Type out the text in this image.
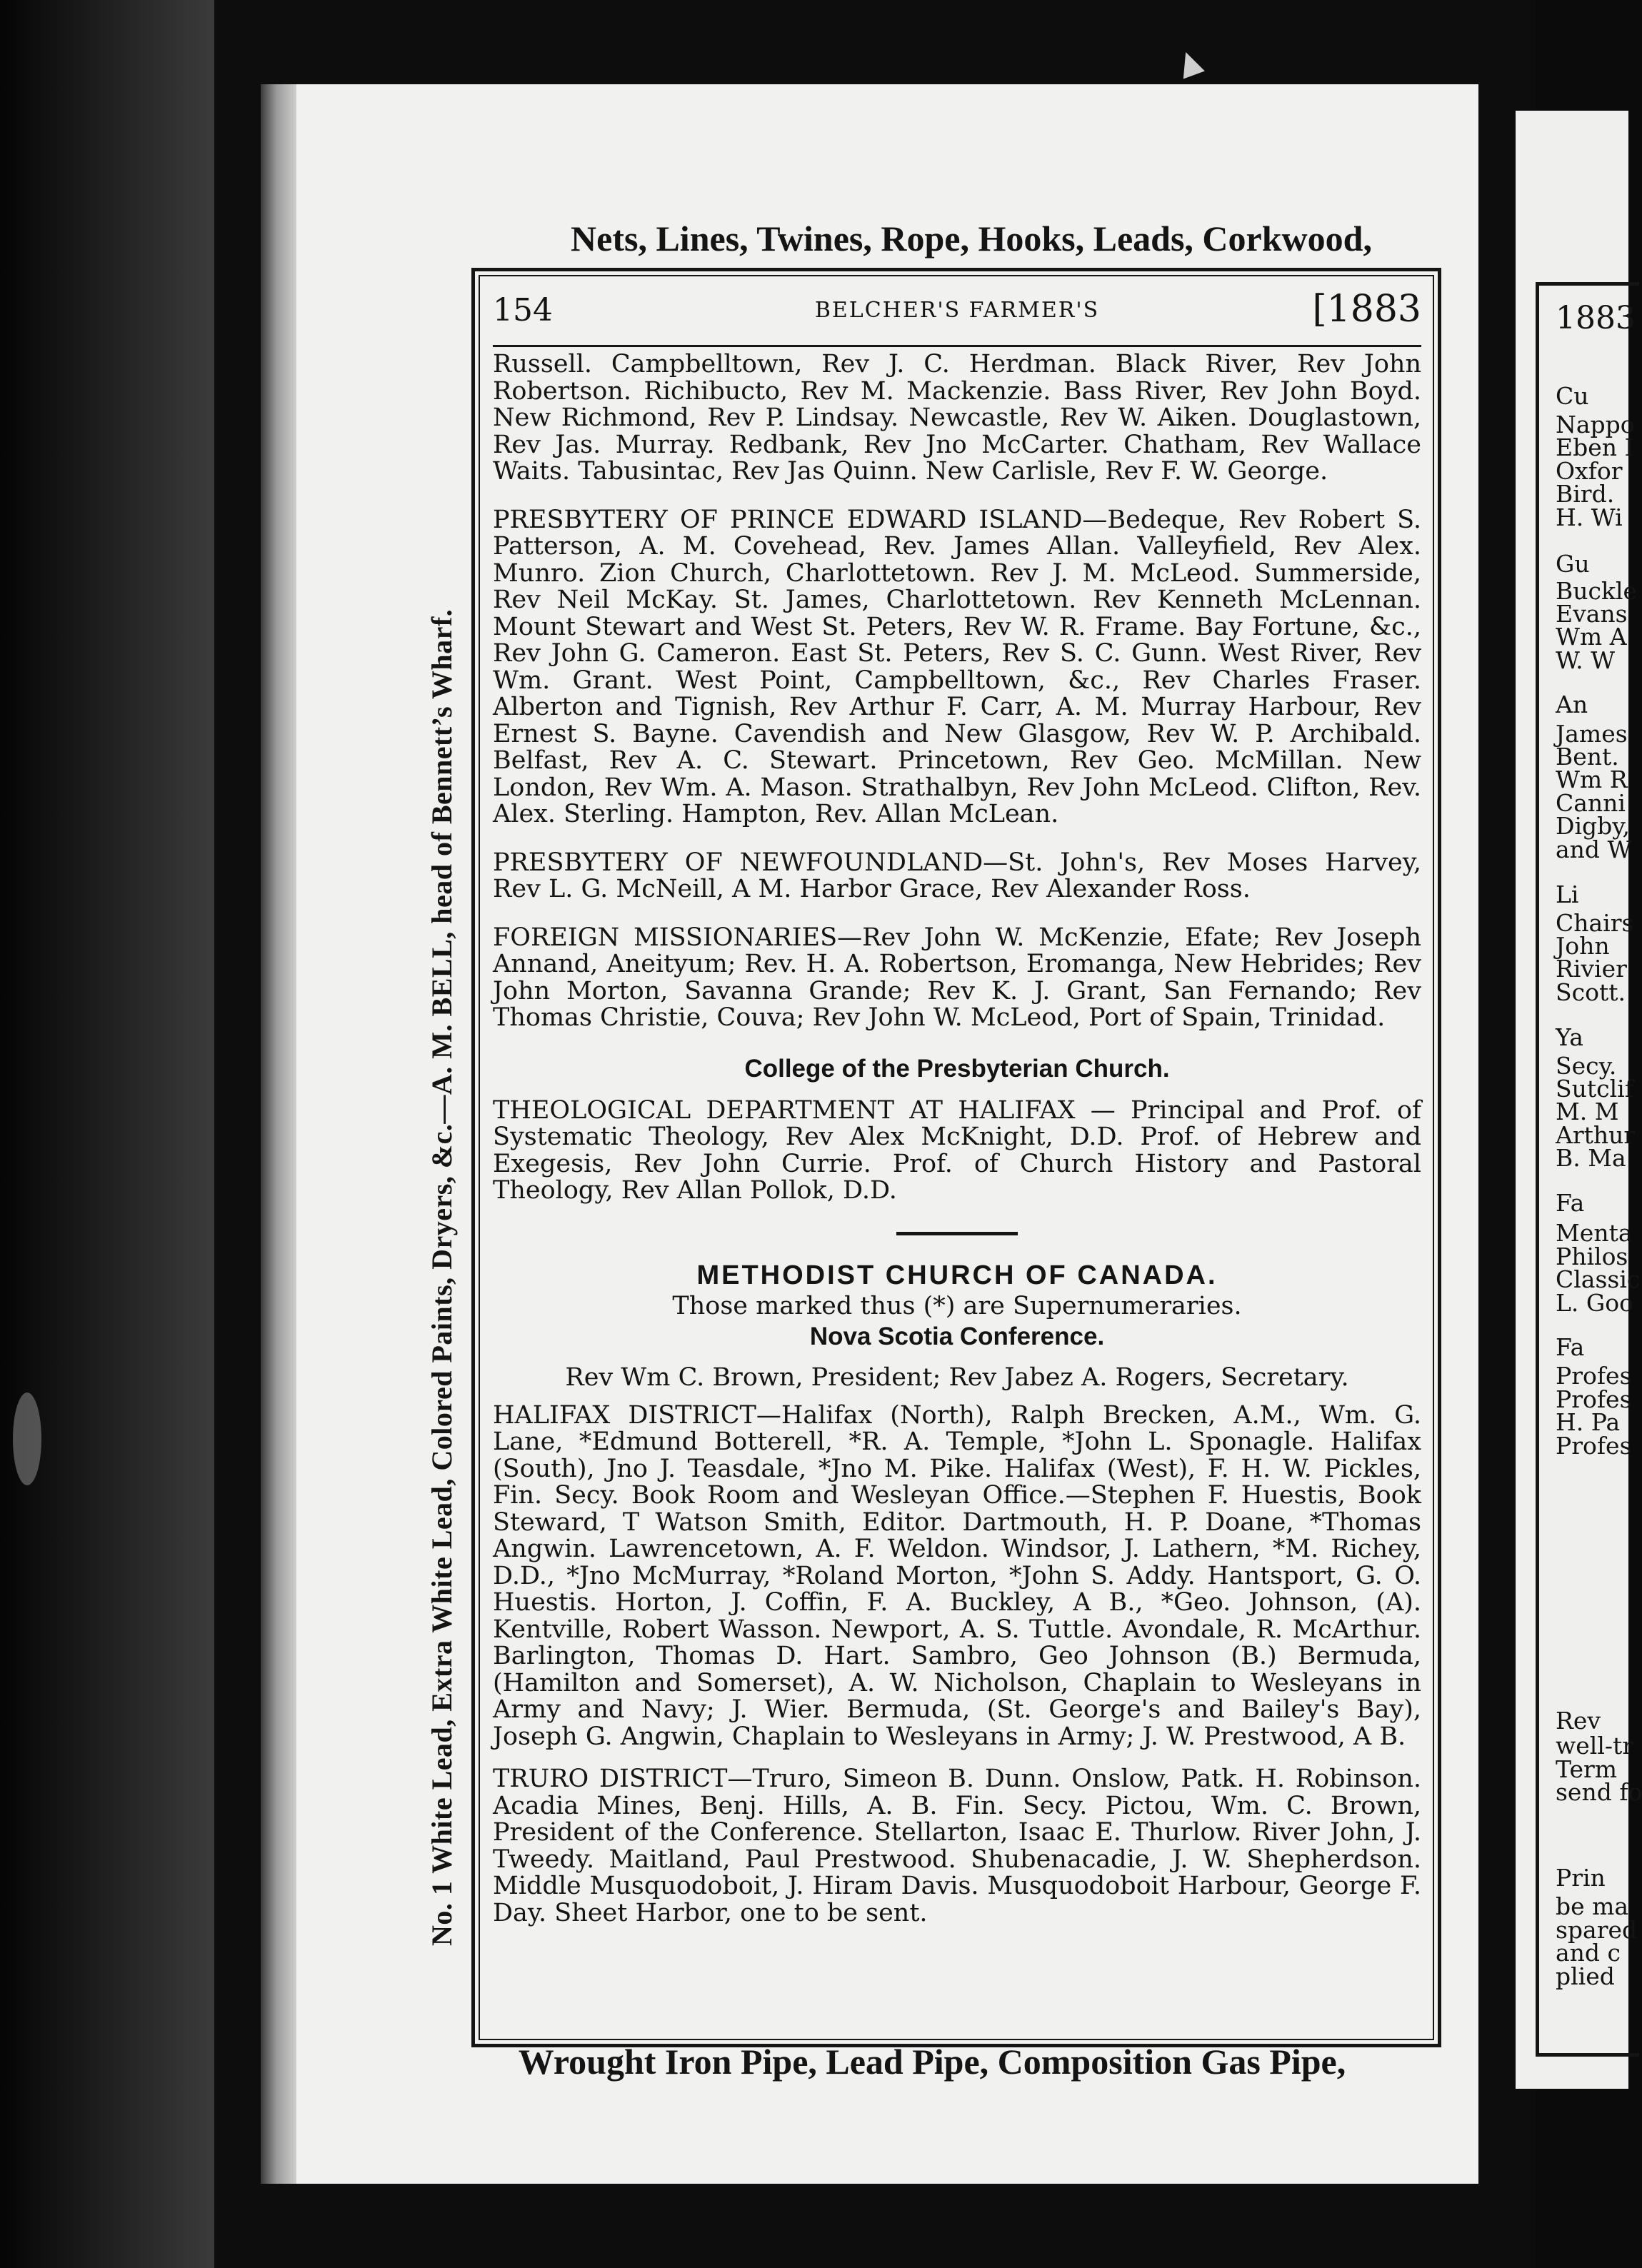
No. 1 White Lead, Extra White Lead, Colored Paints, Dryers, &c.—A. M. BELL, head of Bennett’s Wharf.
Nets, Lines, Twines, Rope, Hooks, Leads, Corkwood,
154	BELCHER'S FARMER'S	[1883

Russell. Campbelltown, Rev J. C. Herdman. Black River, Rev John Robertson. Richibucto, Rev M. Mackenzie. Bass River, Rev John Boyd. New Richmond, Rev P. Lindsay. Newcastle, Rev W. Aiken. Douglastown, Rev Jas. Murray. Redbank, Rev Jno McCarter. Chatham, Rev Wallace Waits. Tabusintac, Rev Jas Quinn. New Carlisle, Rev F. W. George.

PRESBYTERY OF PRINCE EDWARD ISLAND—Bedeque, Rev Robert S. Patterson, A. M. Covehead, Rev. James Allan. Valleyfield, Rev Alex. Munro. Zion Church, Charlottetown. Rev J. M. McLeod. Summerside, Rev Neil McKay. St. James, Charlottetown. Rev Kenneth McLennan. Mount Stewart and West St. Peters, Rev W. R. Frame. Bay Fortune, &c., Rev John G. Cameron. East St. Peters, Rev S. C. Gunn. West River, Rev Wm. Grant. West Point, Campbelltown, &c., Rev Charles Fraser. Alberton and Tignish, Rev Arthur F. Carr, A. M. Murray Harbour, Rev Ernest S. Bayne. Cavendish and New Glasgow, Rev W. P. Archibald. Belfast, Rev A. C. Stewart. Princetown, Rev Geo. McMillan. New London, Rev Wm. A. Mason. Strathalbyn, Rev John McLeod. Clifton, Rev. Alex. Sterling. Hampton, Rev. Allan McLean.

PRESBYTERY OF NEWFOUNDLAND—St. John's, Rev Moses Harvey, Rev L. G. McNeill, A M. Harbor Grace, Rev Alexander Ross.

FOREIGN MISSIONARIES—Rev John W. McKenzie, Efate; Rev Joseph Annand, Aneityum; Rev. H. A. Robertson, Eromanga, New Hebrides; Rev John Morton, Savanna Grande; Rev K. J. Grant, San Fernando; Rev Thomas Christie, Couva; Rev John W. McLeod, Port of Spain, Trinidad.

College of the Presbyterian Church.

THEOLOGICAL DEPARTMENT AT HALIFAX — Principal and Prof. of Systematic Theology, Rev Alex McKnight, D.D. Prof. of Hebrew and Exegesis, Rev John Currie. Prof. of Church History and Pastoral Theology, Rev Allan Pollok, D.D.

METHODIST CHURCH OF CANADA.

Those marked thus (*) are Supernumeraries.

Nova Scotia Conference.

Rev Wm C. Brown, President; Rev Jabez A. Rogers, Secretary.

HALIFAX DISTRICT—Halifax (North), Ralph Brecken, A.M., Wm. G. Lane, *Edmund Botterell, *R. A. Temple, *John L. Sponagle. Halifax (South), Jno J. Teasdale, *Jno M. Pike. Halifax (West), F. H. W. Pickles, Fin. Secy. Book Room and Wesleyan Office.—Stephen F. Huestis, Book Steward, T Watson Smith, Editor. Dartmouth, H. P. Doane, *Thomas Angwin. Lawrencetown, A. F. Weldon. Windsor, J. Lathern, *M. Richey, D.D., *Jno McMurray, *Roland Morton, *John S. Addy. Hantsport, G. O. Huestis. Horton, J. Coffin, F. A. Buckley, A B., *Geo. Johnson, (A). Kentville, Robert Wasson. Newport, A. S. Tuttle. Avondale, R. McArthur. Barlington, Thomas D. Hart. Sambro, Geo Johnson (B.) Bermuda, (Hamilton and Somerset), A. W. Nicholson, Chaplain to Wesleyans in Army and Navy; J. Wier. Bermuda, (St. George's and Bailey's Bay), Joseph G. Angwin, Chaplain to Wesleyans in Army; J. W. Prestwood, A B.

TRURO DISTRICT—Truro, Simeon B. Dunn. Onslow, Patk. H. Robinson. Acadia Mines, Benj. Hills, A. B. Fin. Secy. Pictou, Wm. C. Brown, President of the Conference. Stellarton, Isaac E. Thurlow. River John, J. Tweedy. Maitland, Paul Prestwood. Shubenacadie, J. W. Shepherdson. Middle Musquodoboit, J. Hiram Davis. Musquodoboit Harbour, George F. Day. Sheet Harbor, one to be sent.

Wrought Iron Pipe, Lead Pipe, Composition Gas Pipe,
1883
Cu
Nappo
Eben I
Oxfor
Bird.
H. Wi
Gu
Buckle
Evans
Wm A
W. W
An
James
Bent.
Wm R
Canni
Digby,
and W
Li
Chairs
John
Rivier
Scott.
Ya
Secy.
Sutclif
M. M
Arthur
B. Ma
Fa
Menta
Philos
Classic
L. Goo
Fa
Profes
Profes
H. Pa
Profes
Rev
well-tr
Term
send fo
Prin
be ma
spared
and c
plied
